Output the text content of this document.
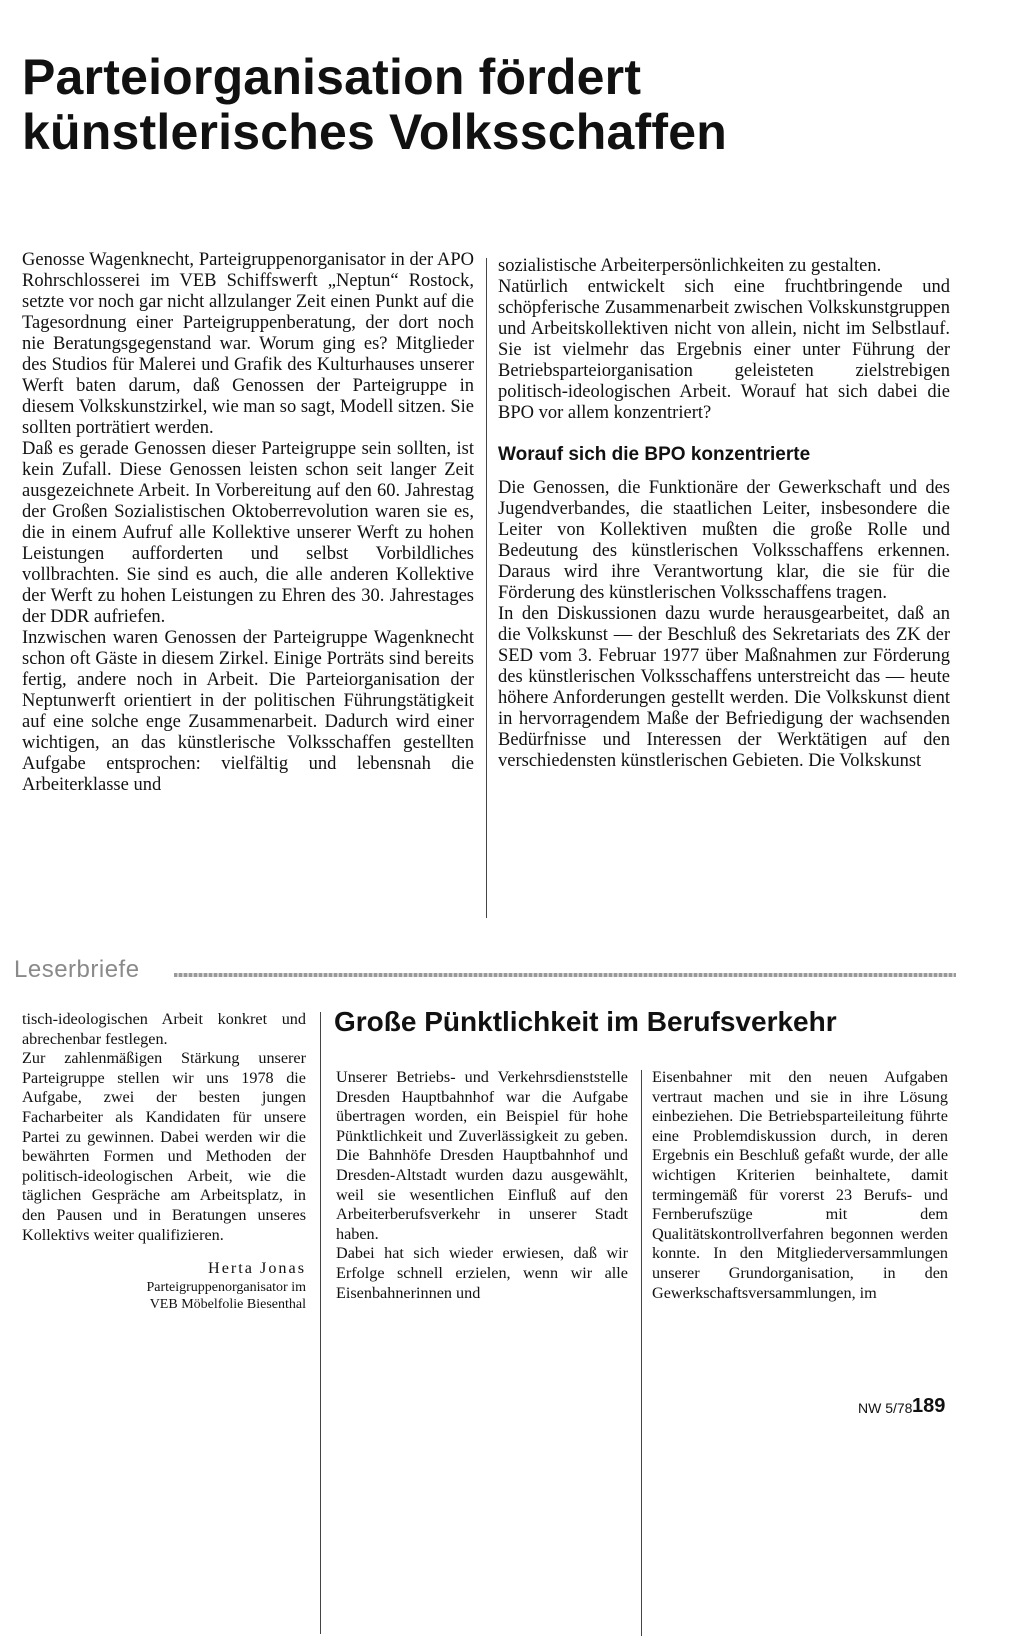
Parteiorganisation fördert
künstlerisches Volksschaffen

Genosse Wagenknecht, Parteigruppenorganisator in der APO Rohrschlosserei im VEB Schiffswerft „Neptun“ Rostock, setzte vor noch gar nicht allzulanger Zeit einen Punkt auf die Tagesordnung einer Parteigruppenberatung, der dort noch nie Beratungsgegenstand war. Worum ging es? Mitglieder des Studios für Malerei und Grafik des Kulturhauses unserer Werft baten darum, daß Genossen der Parteigruppe in diesem Volkskunstzirkel, wie man so sagt, Modell sitzen. Sie sollten porträtiert werden.

Daß es gerade Genossen dieser Parteigruppe sein sollten, ist kein Zufall. Diese Genossen leisten schon seit langer Zeit ausgezeichnete Arbeit. In Vorbereitung auf den 60. Jahrestag der Großen Sozialistischen Oktoberrevolution waren sie es, die in einem Aufruf alle Kollektive unserer Werft zu hohen Leistungen aufforderten und selbst Vorbildliches vollbrachten. Sie sind es auch, die alle anderen Kollektive der Werft zu hohen Leistungen zu Ehren des 30. Jahrestages der DDR aufriefen.

Inzwischen waren Genossen der Parteigruppe Wagenknecht schon oft Gäste in diesem Zirkel. Einige Porträts sind bereits fertig, andere noch in Arbeit. Die Parteiorganisation der Neptunwerft orientiert in der politischen Führungstätigkeit auf eine solche enge Zusammenarbeit. Dadurch wird einer wichtigen, an das künstlerische Volksschaffen gestellten Aufgabe entsprochen: vielfältig und lebensnah die Arbeiterklasse und

sozialistische Arbeiterpersönlichkeiten zu gestalten.

Natürlich entwickelt sich eine fruchtbringende und schöpferische Zusammenarbeit zwischen Volkskunstgruppen und Arbeitskollektiven nicht von allein, nicht im Selbstlauf. Sie ist vielmehr das Ergebnis einer unter Führung der Betriebsparteiorganisation geleisteten zielstrebigen politisch-ideologischen Arbeit. Worauf hat sich dabei die BPO vor allem konzentriert?

Worauf sich die BPO konzentrierte

Die Genossen, die Funktionäre der Gewerkschaft und des Jugendverbandes, die staatlichen Leiter, insbesondere die Leiter von Kollektiven mußten die große Rolle und Bedeutung des künstlerischen Volksschaffens erkennen. Daraus wird ihre Verantwortung klar, die sie für die Förderung des künstlerischen Volksschaffens tragen.

In den Diskussionen dazu wurde herausgearbeitet, daß an die Volkskunst — der Beschluß des Sekretariats des ZK der SED vom 3. Februar 1977 über Maßnahmen zur Förderung des künstlerischen Volksschaffens unterstreicht das — heute höhere Anforderungen gestellt werden. Die Volkskunst dient in hervorragendem Maße der Befriedigung der wachsenden Bedürfnisse und Interessen der Werktätigen auf den verschiedensten künstlerischen Gebieten. Die Volkskunst

Leserbriefe

tisch-ideologischen Arbeit konkret und abrechenbar festlegen.

Zur zahlenmäßigen Stärkung unserer Parteigruppe stellen wir uns 1978 die Aufgabe, zwei der besten jungen Facharbeiter als Kandidaten für unsere Partei zu gewinnen. Dabei werden wir die bewährten Formen und Methoden der politisch-ideologischen Arbeit, wie die täglichen Gespräche am Arbeitsplatz, in den Pausen und in Beratungen unseres Kollektivs weiter qualifizieren.

Herta Jonas

Parteigruppenorganisator im

VEB Möbelfolie Biesenthal

Große Pünktlichkeit im Berufsverkehr

Unserer Betriebs- und Verkehrsdienststelle Dresden Hauptbahnhof war die Aufgabe übertragen worden, ein Beispiel für hohe Pünktlichkeit und Zuverlässigkeit zu geben. Die Bahnhöfe Dresden Hauptbahnhof und Dresden-Altstadt wurden dazu ausgewählt, weil sie wesentlichen Einfluß auf den Arbeiterberufsverkehr in unserer Stadt haben.

Dabei hat sich wieder erwiesen, daß wir Erfolge schnell erzielen, wenn wir alle Eisenbahnerinnen und

Eisenbahner mit den neuen Aufgaben vertraut machen und sie in ihre Lösung einbeziehen. Die Betriebsparteileitung führte eine Problemdiskussion durch, in deren Ergebnis ein Beschluß gefaßt wurde, der alle wichtigen Kriterien beinhaltete, damit termingemäß für vorerst 23 Berufs- und Fernberufszüge mit dem Qualitätskontrollverfahren begonnen werden konnte. In den Mitgliederversammlungen unserer Grundorganisation, in den Gewerkschaftsversammlungen, im

NW 5/78 189
